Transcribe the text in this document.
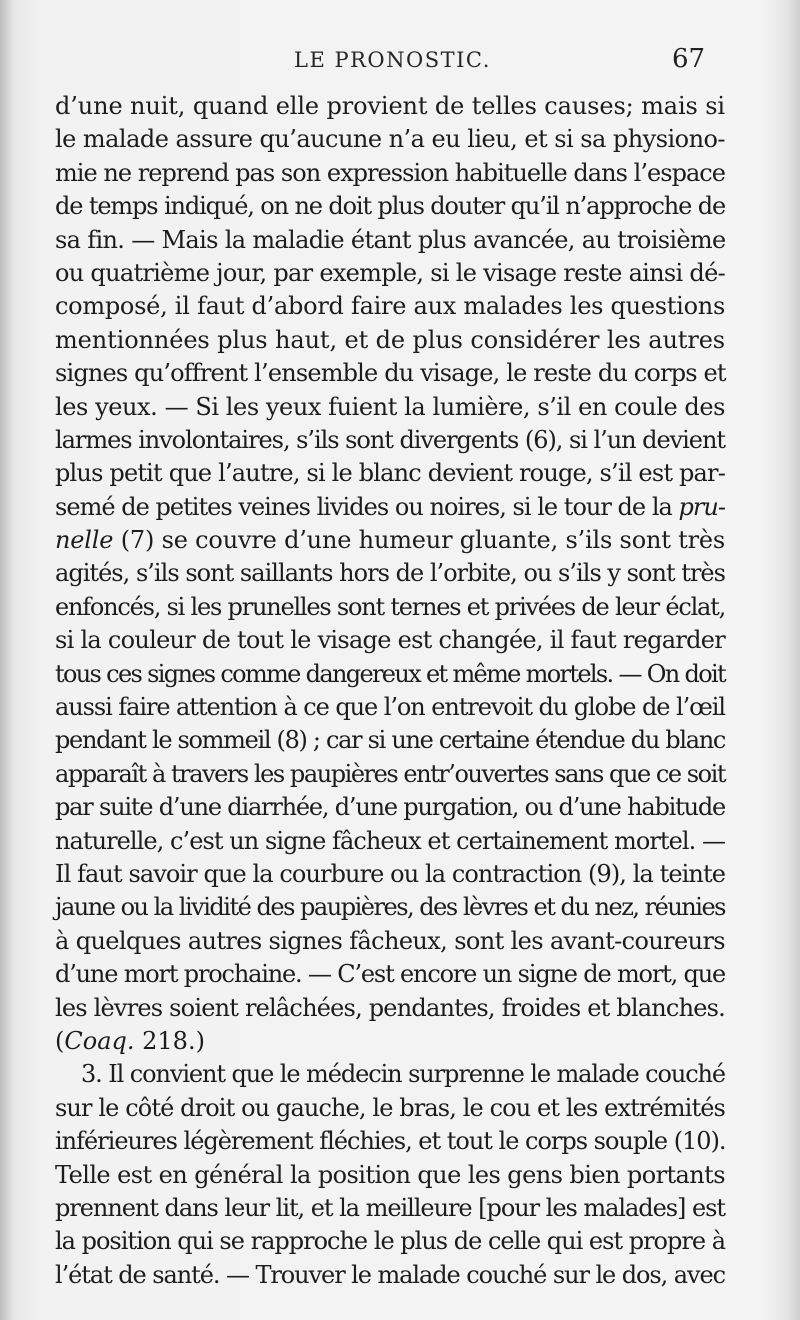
LE PRONOSTIC.	67
d’une nuit, quand elle provient de telles causes; mais si
le malade assure qu’aucune n’a eu lieu, et si sa physiono-
mie ne reprend pas son expression habituelle dans l’espace
de temps indiqué, on ne doit plus douter qu’il n’approche de
sa fin. — Mais la maladie étant plus avancée, au troisième
ou quatrième jour, par exemple, si le visage reste ainsi dé-
composé, il faut d’abord faire aux malades les questions
mentionnées plus haut, et de plus considérer les autres
signes qu’offrent l’ensemble du visage, le reste du corps et
les yeux. — Si les yeux fuient la lumière, s’il en coule des
larmes involontaires, s’ils sont divergents (6), si l’un devient
plus petit que l’autre, si le blanc devient rouge, s’il est par-
semé de petites veines livides ou noires, si le tour de la pru-
nelle (7) se couvre d’une humeur gluante, s’ils sont très
agités, s’ils sont saillants hors de l’orbite, ou s’ils y sont très
enfoncés, si les prunelles sont ternes et privées de leur éclat,
si la couleur de tout le visage est changée, il faut regarder
tous ces signes comme dangereux et même mortels. — On doit
aussi faire attention à ce que l’on entrevoit du globe de l’œil
pendant le sommeil (8) ; car si une certaine étendue du blanc
apparaît à travers les paupières entr’ouvertes sans que ce soit
par suite d’une diarrhée, d’une purgation, ou d’une habitude
naturelle, c’est un signe fâcheux et certainement mortel. —
Il faut savoir que la courbure ou la contraction (9), la teinte
jaune ou la lividité des paupières, des lèvres et du nez, réunies
à quelques autres signes fâcheux, sont les avant-coureurs
d’une mort prochaine. — C’est encore un signe de mort, que
les lèvres soient relâchées, pendantes, froides et blanches.
(Coaq. 218.)
3. Il convient que le médecin surprenne le malade couché
sur le côté droit ou gauche, le bras, le cou et les extrémités
inférieures légèrement fléchies, et tout le corps souple (10).
Telle est en général la position que les gens bien portants
prennent dans leur lit, et la meilleure [pour les malades] est
la position qui se rapproche le plus de celle qui est propre à
l’état de santé. — Trouver le malade couché sur le dos, avec
